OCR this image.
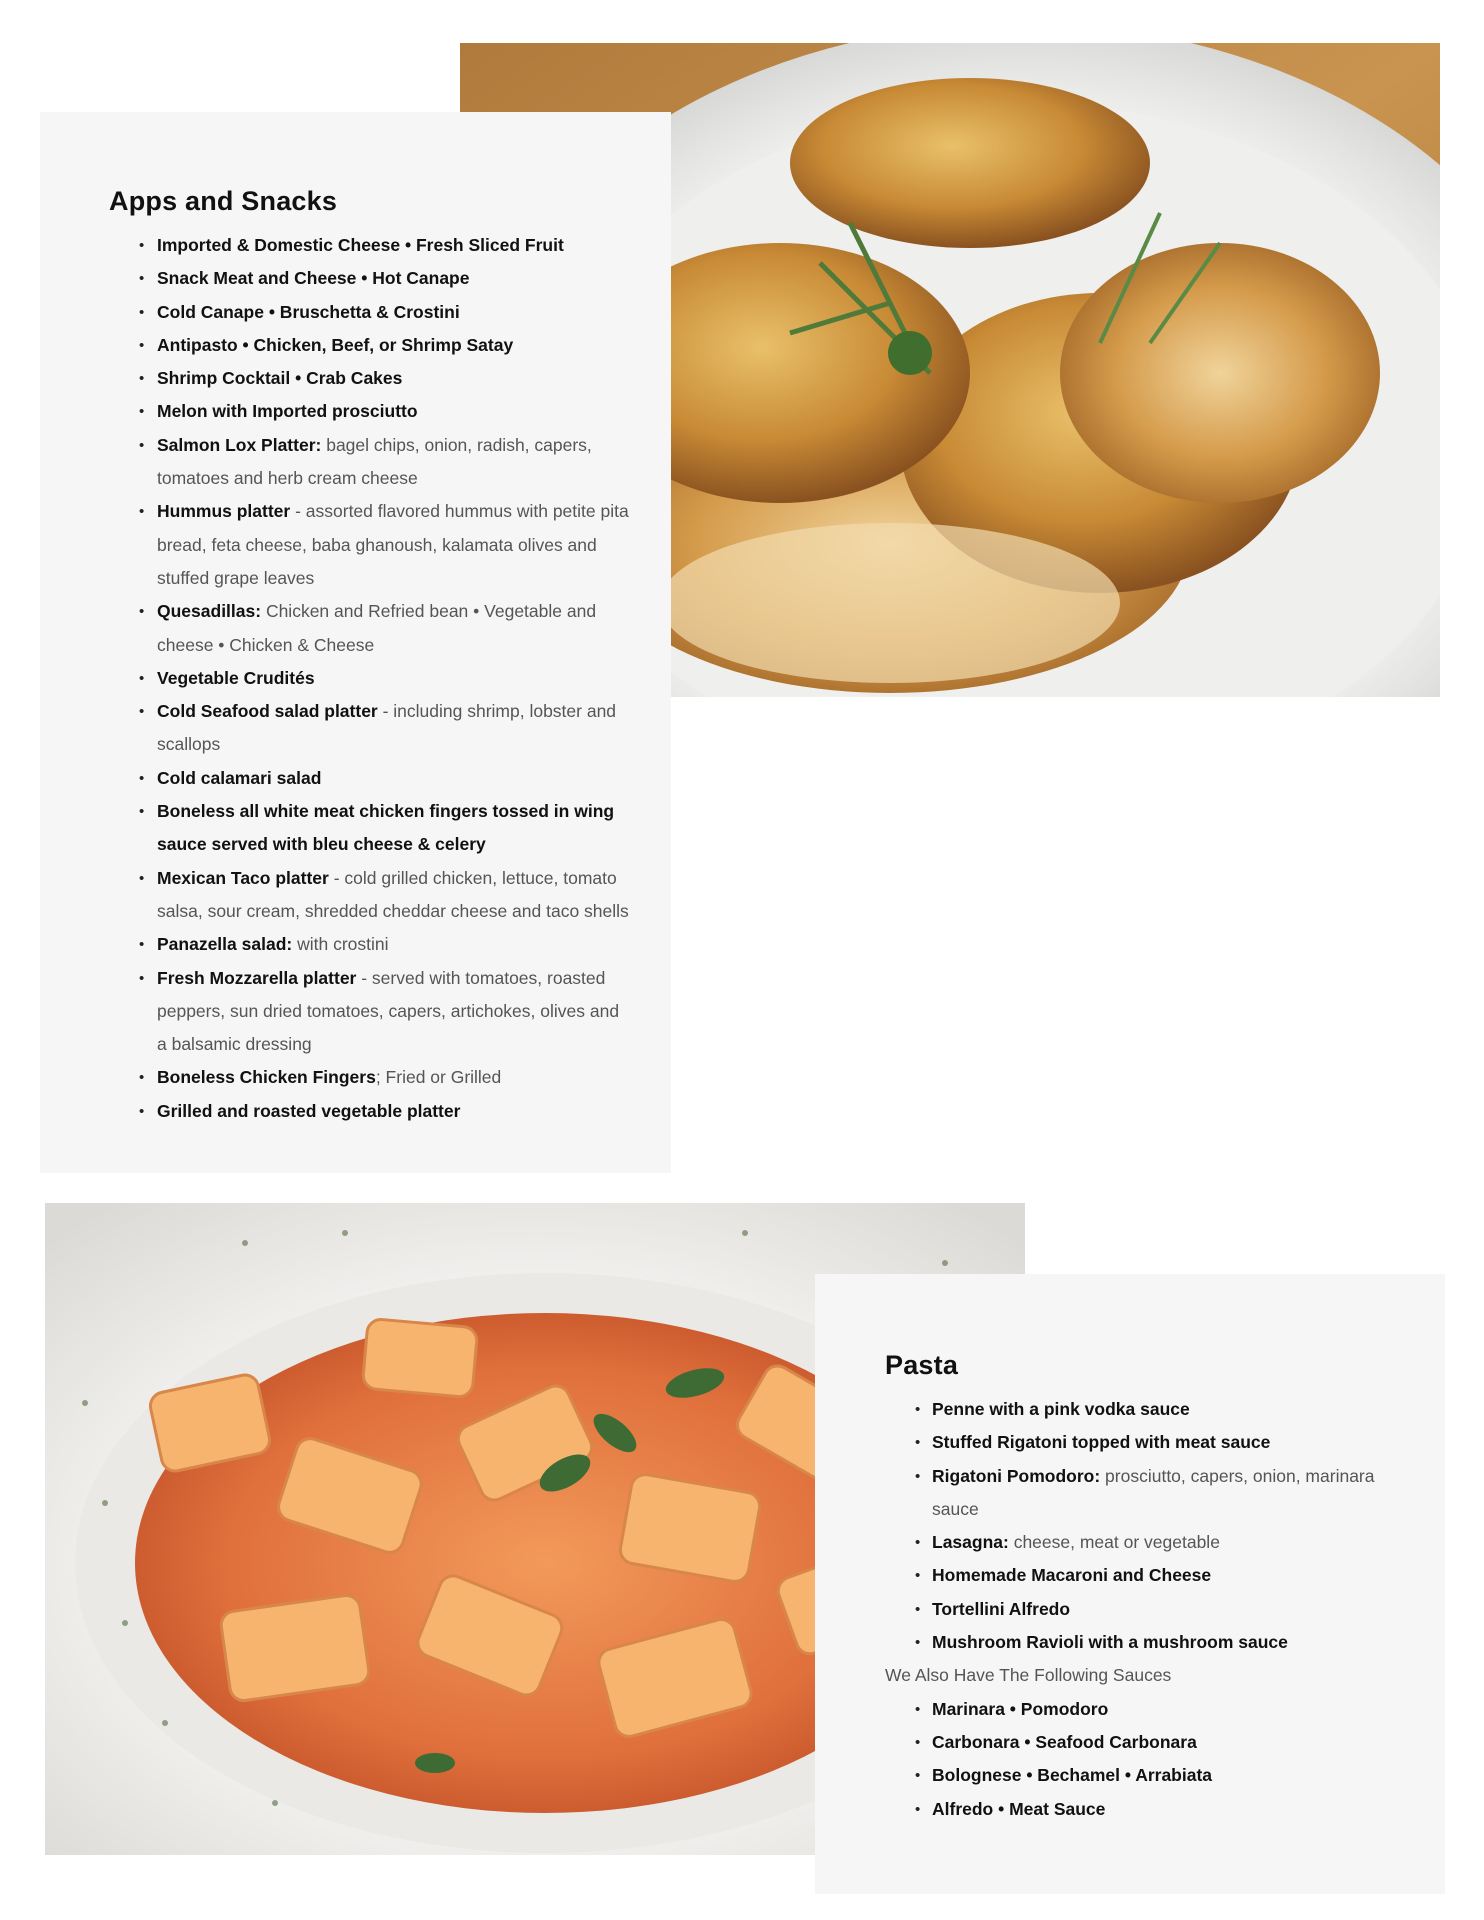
Apps and Snacks
• Imported & Domestic Cheese • Fresh Sliced Fruit
• Snack Meat and Cheese • Hot Canape
• Cold Canape • Bruschetta & Crostini
• Antipasto • Chicken, Beef, or Shrimp Satay
• Shrimp Cocktail • Crab Cakes
• Melon with Imported prosciutto
• Salmon Lox Platter: bagel chips, onion, radish, capers, tomatoes and herb cream cheese
• Hummus platter - assorted flavored hummus with petite pita bread, feta cheese, baba ghanoush, kalamata olives and stuffed grape leaves
• Quesadillas: Chicken and Refried bean • Vegetable and cheese • Chicken & Cheese
• Vegetable Crudités
• Cold Seafood salad platter - including shrimp, lobster and scallops
• Cold calamari salad
• Boneless all white meat chicken fingers tossed in wing sauce served with bleu cheese & celery
• Mexican Taco platter - cold grilled chicken, lettuce, tomato salsa, sour cream, shredded cheddar cheese and taco shells
• Panazella salad: with crostini
• Fresh Mozzarella platter - served with tomatoes, roasted peppers, sun dried tomatoes, capers, artichokes, olives and a balsamic dressing
• Boneless Chicken Fingers; Fried or Grilled
• Grilled and roasted vegetable platter
Pasta
• Penne with a pink vodka sauce
• Stuffed Rigatoni topped with meat sauce
• Rigatoni Pomodoro: prosciutto, capers, onion, marinara sauce
• Lasagna: cheese, meat or vegetable
• Homemade Macaroni and Cheese
• Tortellini Alfredo
• Mushroom Ravioli with a mushroom sauce
We Also Have The Following Sauces
• Marinara • Pomodoro
• Carbonara • Seafood Carbonara
• Bolognese • Bechamel • Arrabiata
• Alfredo • Meat Sauce
